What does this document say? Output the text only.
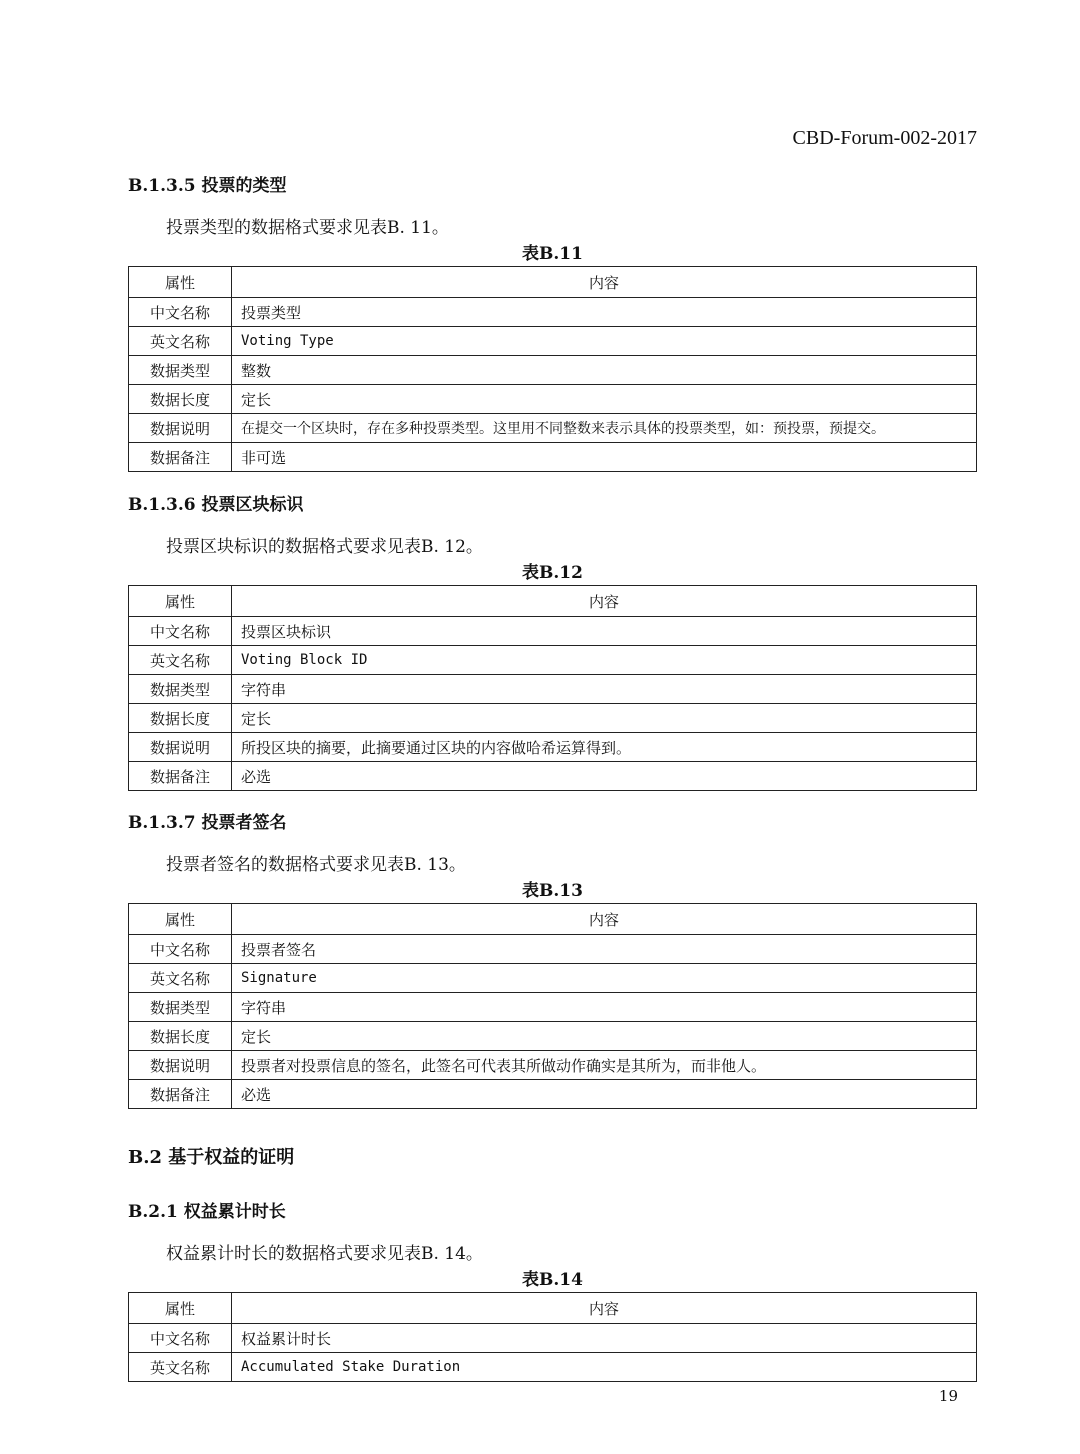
CBD-Forum-002-2017
B.1.3.5 投票的类型
投票类型的数据格式要求见表B. 11。
表B.11
属性	内容
中文名称	投票类型
英文名称	Voting Type
数据类型	整数
数据长度	定长
数据说明	在提交一个区块时，存在多种投票类型。这里用不同整数来表示具体的投票类型，如：预投票，预提交。
数据备注	非可选
B.1.3.6 投票区块标识
投票区块标识的数据格式要求见表B. 12。
表B.12
属性	内容
中文名称	投票区块标识
英文名称	Voting Block ID
数据类型	字符串
数据长度	定长
数据说明	所投区块的摘要，此摘要通过区块的内容做哈希运算得到。
数据备注	必选
B.1.3.7 投票者签名
投票者签名的数据格式要求见表B. 13。
表B.13
属性	内容
中文名称	投票者签名
英文名称	Signature
数据类型	字符串
数据长度	定长
数据说明	投票者对投票信息的签名，此签名可代表其所做动作确实是其所为，而非他人。
数据备注	必选
B.2 基于权益的证明
B.2.1 权益累计时长
权益累计时长的数据格式要求见表B. 14。
表B.14
属性	内容
中文名称	权益累计时长
英文名称	Accumulated Stake Duration
19
